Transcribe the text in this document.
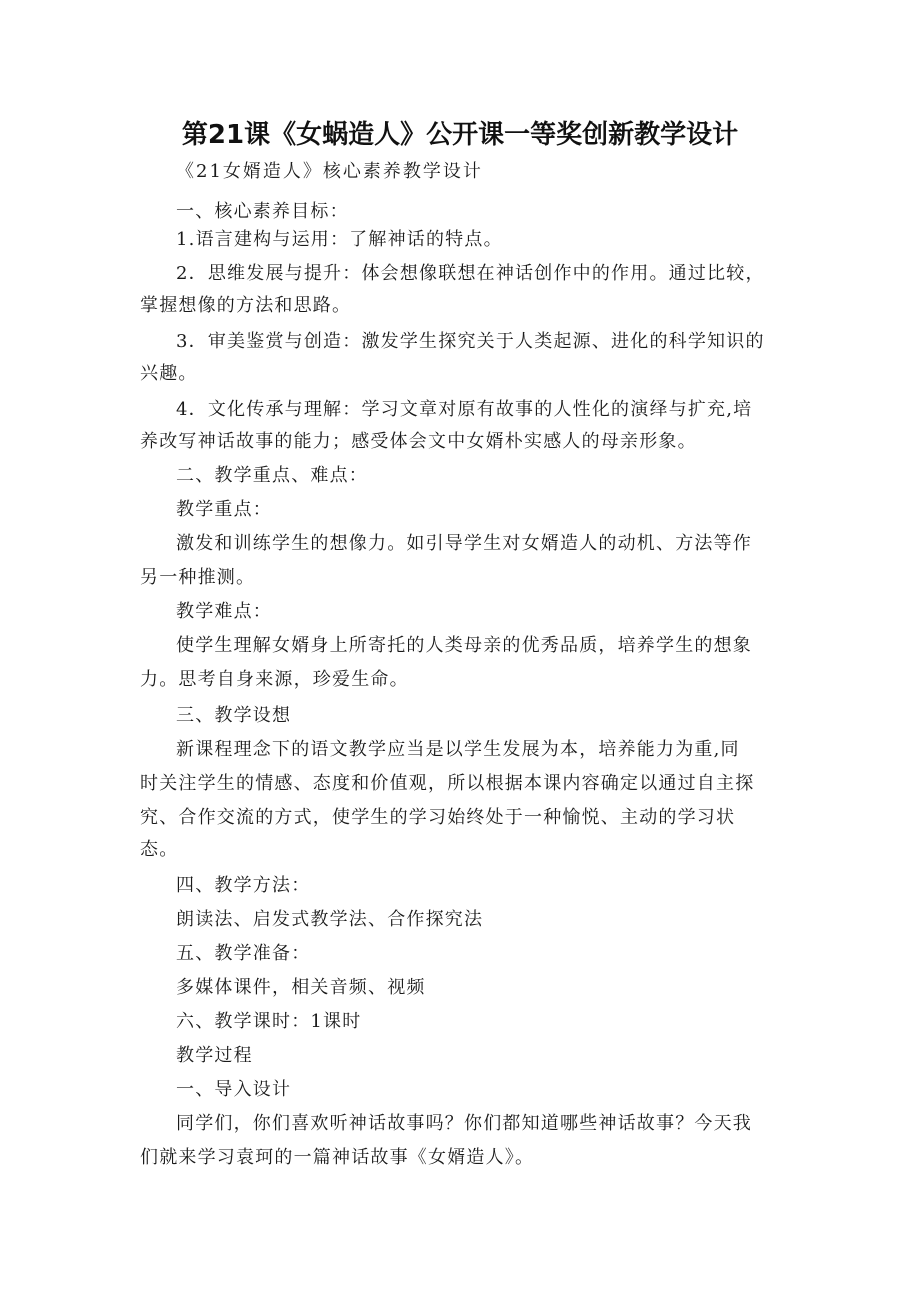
第21课《女蜗造人》公开课一等奖创新教学设计
《21女婿造人》核心素养教学设计
一、核心素养目标：
1.语言建构与运用：了解神话的特点。
2．思维发展与提升：体会想像联想在神话创作中的作用。通过比较，
掌握想像的方法和思路。
3．审美鉴赏与创造：激发学生探究关于人类起源、进化的科学知识的
兴趣。
4．文化传承与理解：学习文章对原有故事的人性化的演绎与扩充,培
养改写神话故事的能力；感受体会文中女婿朴实感人的母亲形象。
二、教学重点、难点：
教学重点：
激发和训练学生的想像力。如引导学生对女婿造人的动机、方法等作
另一种推测。
教学难点：
使学生理解女婿身上所寄托的人类母亲的优秀品质，培养学生的想象
力。思考自身来源，珍爱生命。
三、教学设想
新课程理念下的语文教学应当是以学生发展为本，培养能力为重,同
时关注学生的情感、态度和价值观，所以根据本课内容确定以通过自主探
究、合作交流的方式，使学生的学习始终处于一种愉悦、主动的学习状
态。
四、教学方法：
朗读法、启发式教学法、合作探究法
五、教学准备：
多媒体课件，相关音频、视频
六、教学课时：1课时
教学过程
一、导入设计
同学们，你们喜欢听神话故事吗？你们都知道哪些神话故事？今天我
们就来学习袁珂的一篇神话故事《女婿造人》。
